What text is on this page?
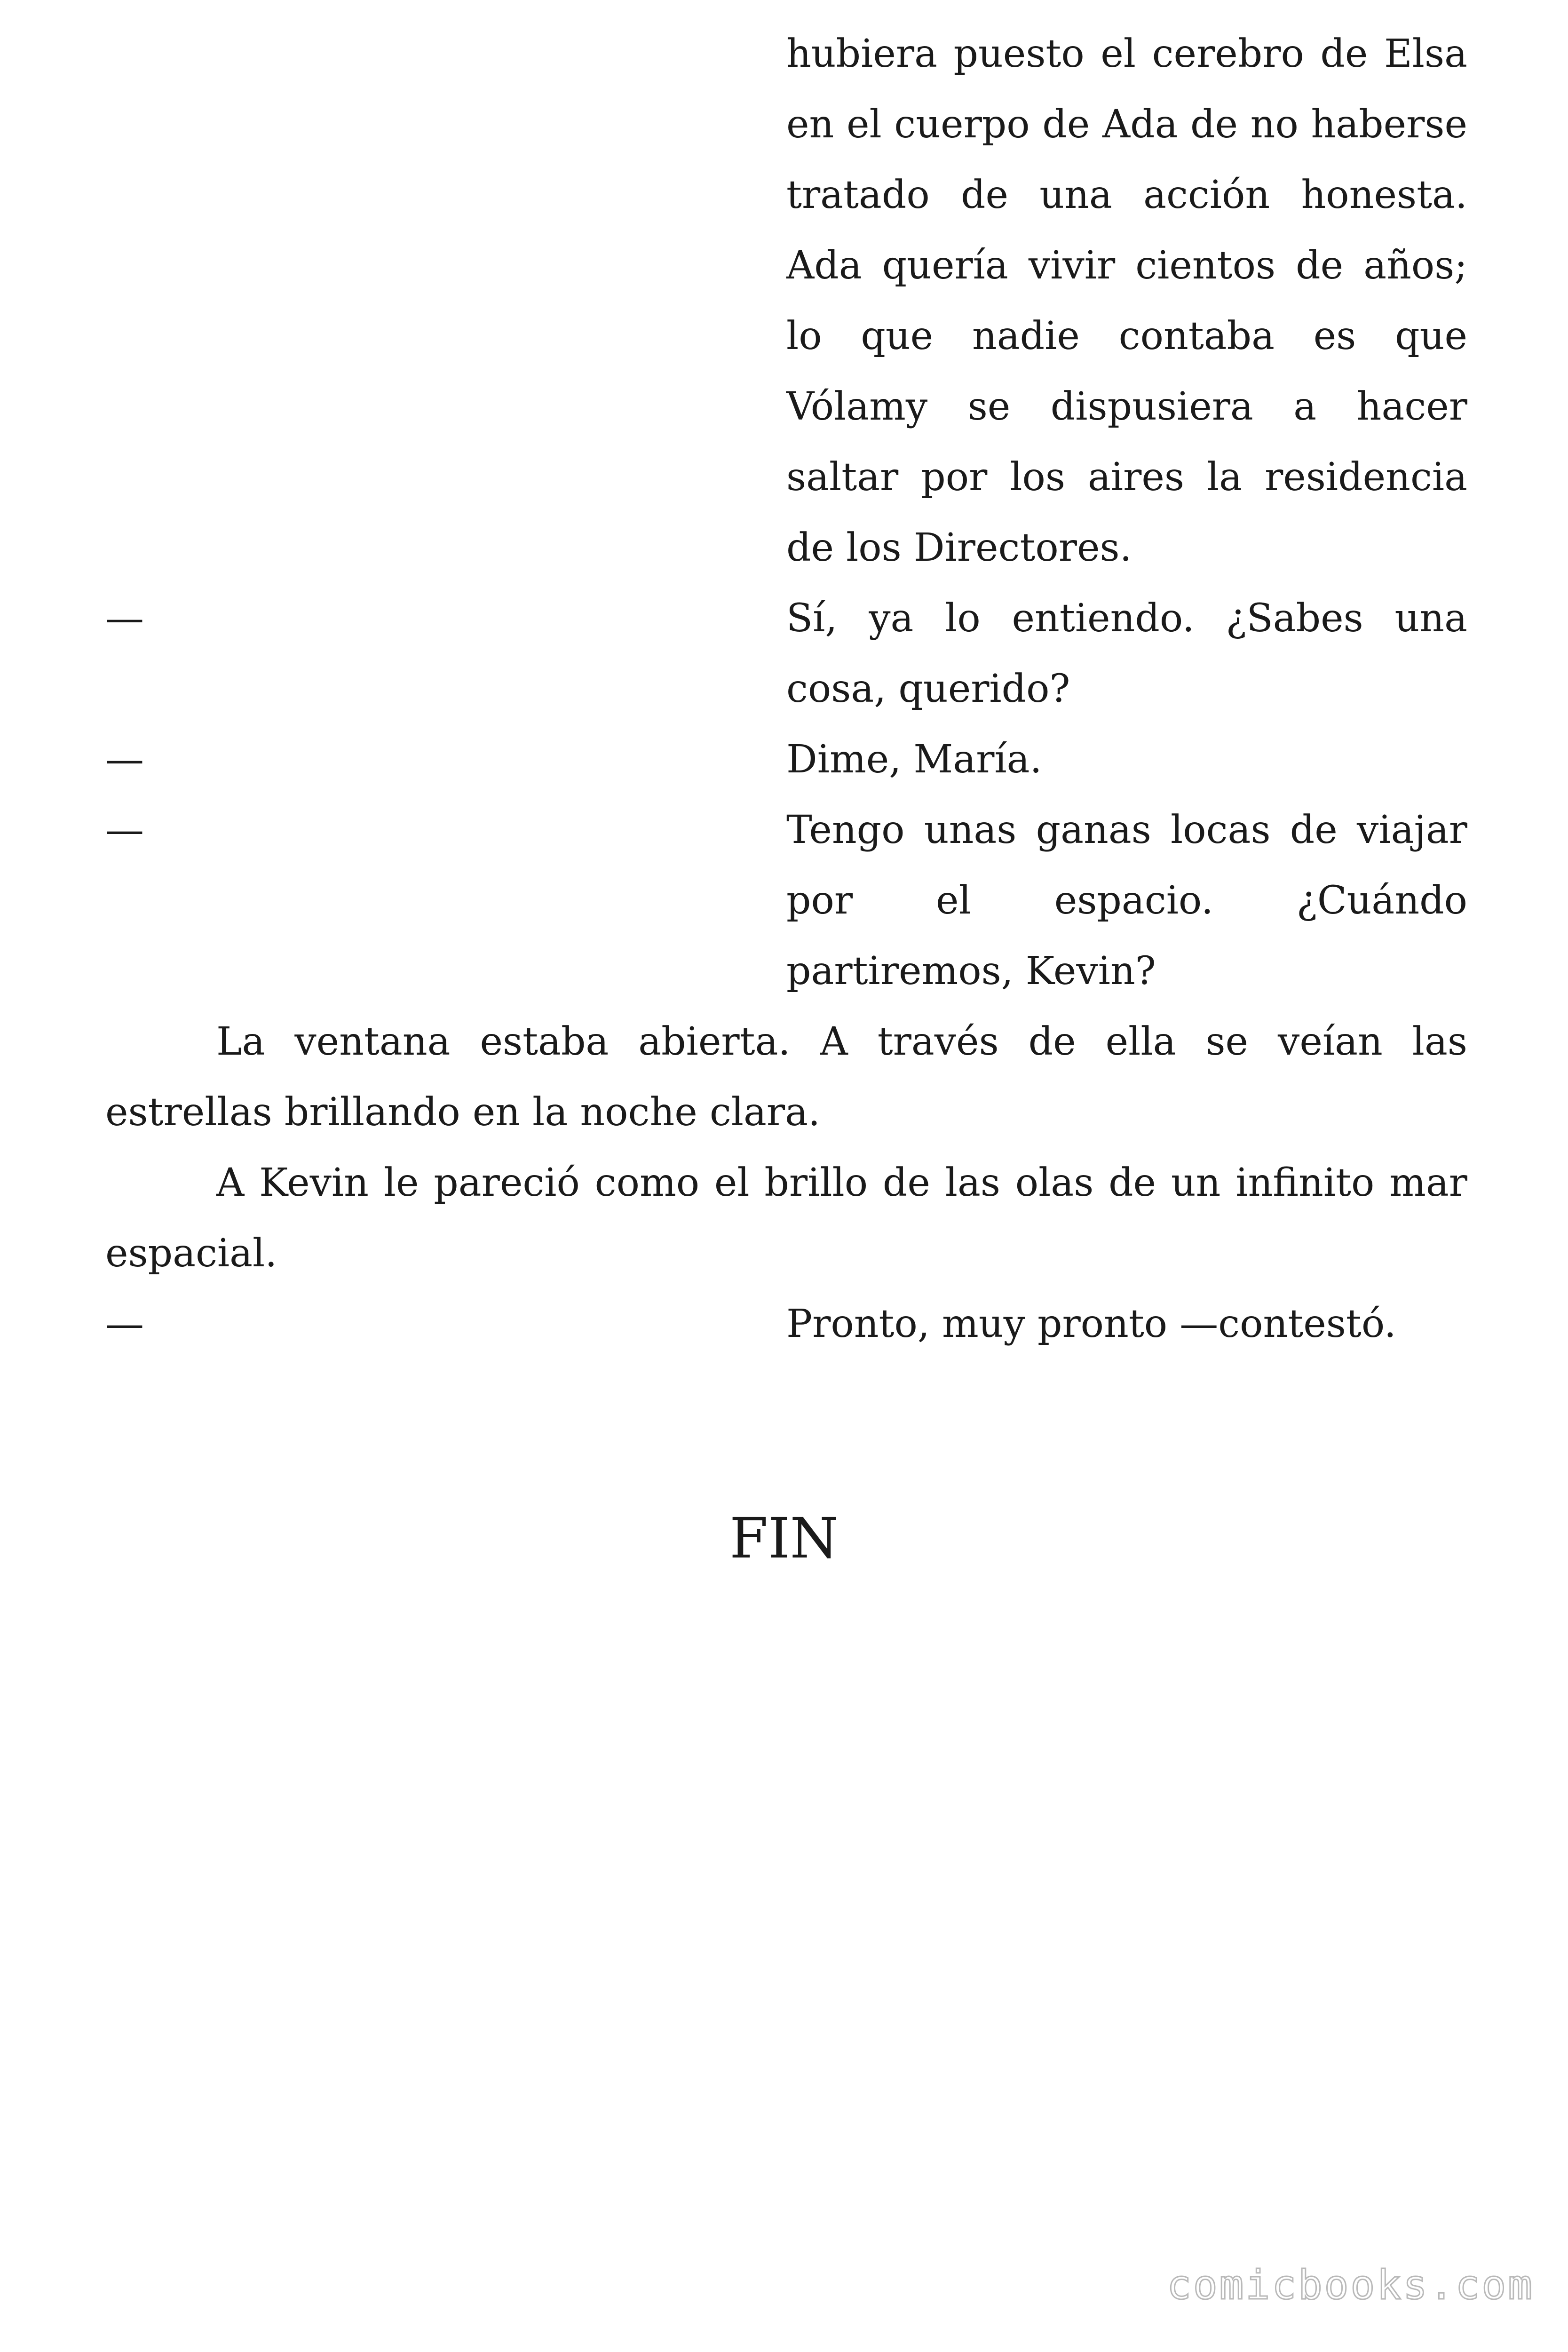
hubiera puesto el cerebro de Elsa en el cuerpo de Ada de no haberse tratado de una acción honesta. Ada quería vivir cientos de años; lo que nadie contaba es que Vólamy se dispusiera a hacer saltar por los aires la residencia de los Directores.
—	Sí, ya lo entiendo. ¿Sabes una cosa, querido?
—	Dime, María.
—	Tengo unas ganas locas de viajar por el espacio. ¿Cuándo partiremos, Kevin?
La ventana estaba abierta. A través de ella se veían las estrellas brillando en la noche clara.
A Kevin le pareció como el brillo de las olas de un infinito mar espacial.
—	Pronto, muy pronto —contestó.
FIN
comicbooks.com
